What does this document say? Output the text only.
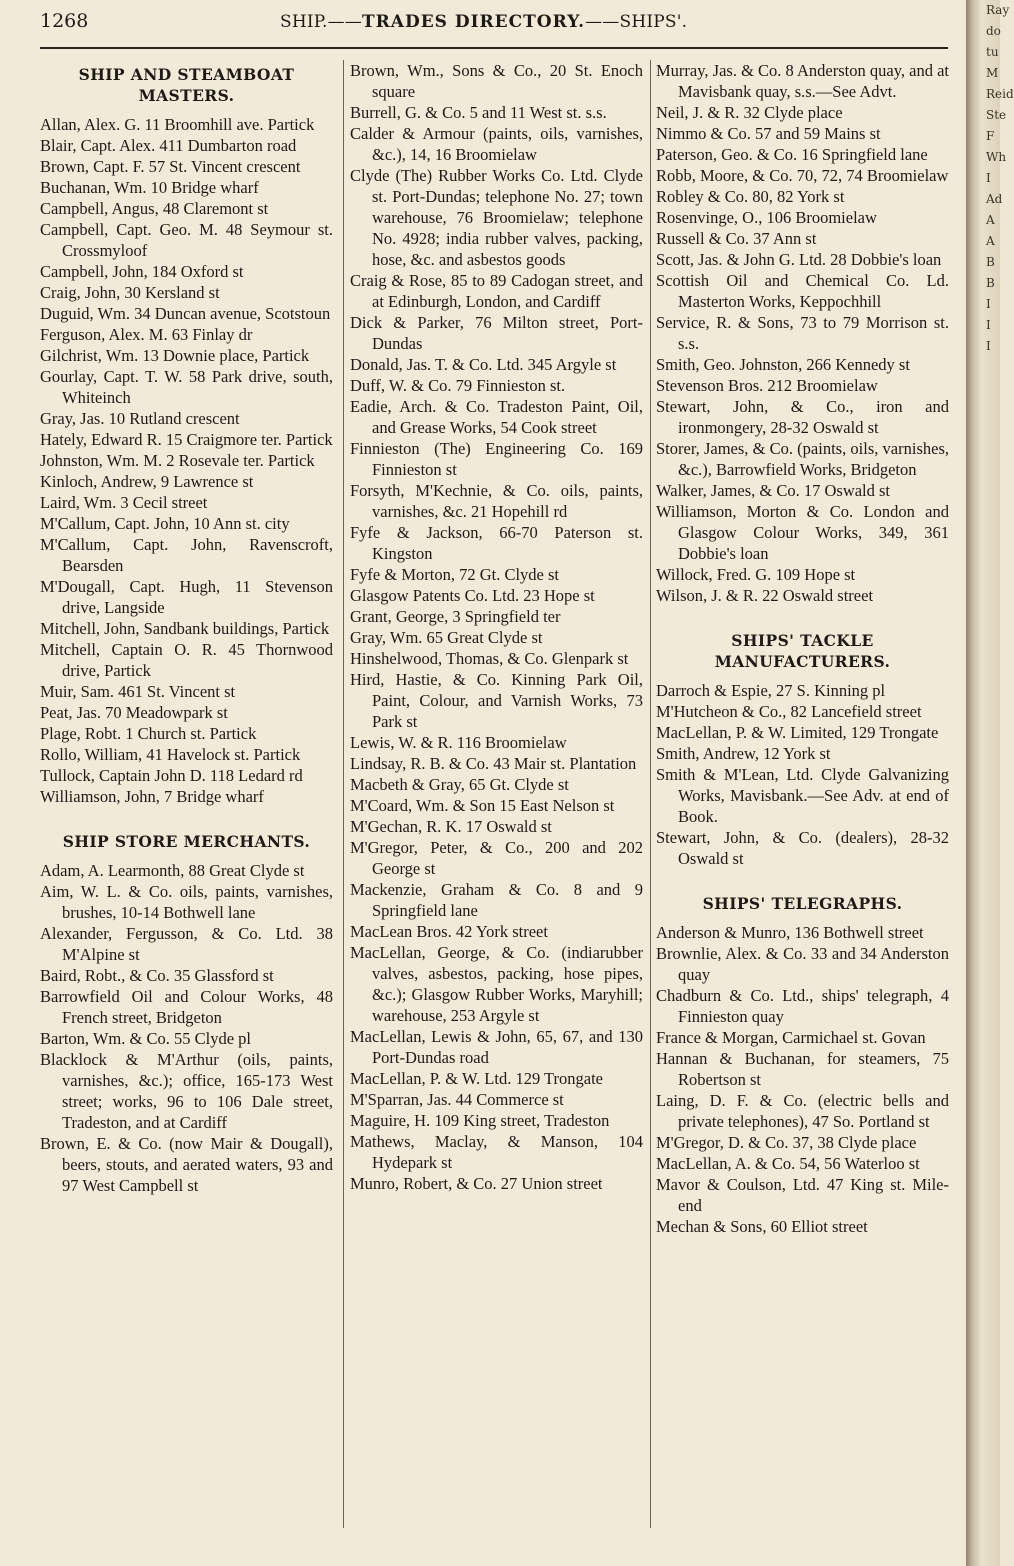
1268	SHIP.——TRADES DIRECTORY.——SHIPS'.
SHIP AND STEAMBOAT MASTERS.
Allan, Alex. G. 11 Broomhill ave. Partick
Blair, Capt. Alex. 411 Dumbarton road
Brown, Capt. F. 57 St. Vincent crescent
Buchanan, Wm. 10 Bridge wharf
Campbell, Angus, 48 Claremont st
Campbell, Capt. Geo. M. 48 Seymour st. Crossmyloof
Campbell, John, 184 Oxford st
Craig, John, 30 Kersland st
Duguid, Wm. 34 Duncan avenue, Scotstoun
Ferguson, Alex. M. 63 Finlay dr
Gilchrist, Wm. 13 Downie place, Partick
Gourlay, Capt. T. W. 58 Park drive, south, Whiteinch
Gray, Jas. 10 Rutland crescent
Hately, Edward R. 15 Craigmore ter. Partick
Johnston, Wm. M. 2 Rosevale ter. Partick
Kinloch, Andrew, 9 Lawrence st
Laird, Wm. 3 Cecil street
M'Callum, Capt. John, 10 Ann st. city
M'Callum, Capt. John, Ravenscroft, Bearsden
M'Dougall, Capt. Hugh, 11 Stevenson drive, Langside
Mitchell, John, Sandbank buildings, Partick
Mitchell, Captain O. R. 45 Thornwood drive, Partick
Muir, Sam. 461 St. Vincent st
Peat, Jas. 70 Meadowpark st
Plage, Robt. 1 Church st. Partick
Rollo, William, 41 Havelock st. Partick
Tullock, Captain John D. 118 Ledard rd
Williamson, John, 7 Bridge wharf
SHIP STORE MERCHANTS.
Adam, A. Learmonth, 88 Great Clyde st
Aim, W. L. & Co. oils, paints, varnishes, brushes, 10-14 Bothwell lane
Alexander, Fergusson, & Co. Ltd. 38 M'Alpine st
Baird, Robt., & Co. 35 Glassford st
Barrowfield Oil and Colour Works, 48 French street, Bridgeton
Barton, Wm. & Co. 55 Clyde pl
Blacklock & M'Arthur (oils, paints, varnishes, &c.); office, 165-173 West street; works, 96 to 106 Dale street, Tradeston, and at Cardiff
Brown, E. & Co. (now Mair & Dougall), beers, stouts, and aerated waters, 93 and 97 West Campbell st
Brown, Wm., Sons & Co., 20 St. Enoch square
Burrell, G. & Co. 5 and 11 West st. s.s.
Calder & Armour (paints, oils, varnishes, &c.), 14, 16 Broomielaw
Clyde (The) Rubber Works Co. Ltd. Clyde st. Port-Dundas; telephone No. 27; town warehouse, 76 Broomielaw; telephone No. 4928; india rubber valves, packing, hose, &c. and asbestos goods
Craig & Rose, 85 to 89 Cadogan street, and at Edinburgh, London, and Cardiff
Dick & Parker, 76 Milton street, Port-Dundas
Donald, Jas. T. & Co. Ltd. 345 Argyle st
Duff, W. & Co. 79 Finnieston st.
Eadie, Arch. & Co. Tradeston Paint, Oil, and Grease Works, 54 Cook street
Finnieston (The) Engineering Co. 169 Finnieston st
Forsyth, M'Kechnie, & Co. oils, paints, varnishes, &c. 21 Hopehill rd
Fyfe & Jackson, 66-70 Paterson st. Kingston
Fyfe & Morton, 72 Gt. Clyde st
Glasgow Patents Co. Ltd. 23 Hope st
Grant, George, 3 Springfield ter
Gray, Wm. 65 Great Clyde st
Hinshelwood, Thomas, & Co. Glenpark st
Hird, Hastie, & Co. Kinning Park Oil, Paint, Colour, and Varnish Works, 73 Park st
Lewis, W. & R. 116 Broomielaw
Lindsay, R. B. & Co. 43 Mair st. Plantation
Macbeth & Gray, 65 Gt. Clyde st
M'Coard, Wm. & Son 15 East Nelson st
M'Gechan, R. K. 17 Oswald st
M'Gregor, Peter, & Co., 200 and 202 George st
Mackenzie, Graham & Co. 8 and 9 Springfield lane
MacLean Bros. 42 York street
MacLellan, George, & Co. (indiarubber valves, asbestos, packing, hose pipes, &c.); Glasgow Rubber Works, Maryhill; warehouse, 253 Argyle st
MacLellan, Lewis & John, 65, 67, and 130 Port-Dundas road
MacLellan, P. & W. Ltd. 129 Trongate
M'Sparran, Jas. 44 Commerce st
Maguire, H. 109 King street, Tradeston
Mathews, Maclay, & Manson, 104 Hydepark st
Munro, Robert, & Co. 27 Union street
Murray, Jas. & Co. 8 Anderston quay, and at Mavisbank quay, s.s.—See Advt.
Neil, J. & R. 32 Clyde place
Nimmo & Co. 57 and 59 Mains st
Paterson, Geo. & Co. 16 Springfield lane
Robb, Moore, & Co. 70, 72, 74 Broomielaw
Robley & Co. 80, 82 York st
Rosenvinge, O., 106 Broomielaw
Russell & Co. 37 Ann st
Scott, Jas. & John G. Ltd. 28 Dobbie's loan
Scottish Oil and Chemical Co. Ld. Masterton Works, Keppochhill
Service, R. & Sons, 73 to 79 Morrison st. s.s.
Smith, Geo. Johnston, 266 Kennedy st
Stevenson Bros. 212 Broomielaw
Stewart, John, & Co., iron and ironmongery, 28-32 Oswald st
Storer, James, & Co. (paints, oils, varnishes, &c.), Barrowfield Works, Bridgeton
Walker, James, & Co. 17 Oswald st
Williamson, Morton & Co. London and Glasgow Colour Works, 349, 361 Dobbie's loan
Willock, Fred. G. 109 Hope st
Wilson, J. & R. 22 Oswald street
SHIPS' TACKLE MANUFACTURERS.
Darroch & Espie, 27 S. Kinning pl
M'Hutcheon & Co., 82 Lancefield street
MacLellan, P. & W. Limited, 129 Trongate
Smith, Andrew, 12 York st
Smith & M'Lean, Ltd. Clyde Galvanizing Works, Mavisbank.—See Adv. at end of Book.
Stewart, John, & Co. (dealers), 28-32 Oswald st
SHIPS' TELEGRAPHS.
Anderson & Munro, 136 Bothwell street
Brownlie, Alex. & Co. 33 and 34 Anderston quay
Chadburn & Co. Ltd., ships' telegraph, 4 Finnieston quay
France & Morgan, Carmichael st. Govan
Hannan & Buchanan, for steamers, 75 Robertson st
Laing, D. F. & Co. (electric bells and private telephones), 47 So. Portland st
M'Gregor, D. & Co. 37, 38 Clyde place
MacLellan, A. & Co. 54, 56 Waterloo st
Mavor & Coulson, Ltd. 47 King st. Mile-end
Mechan & Sons, 60 Elliot street
Ray
do
tu
M
Reid
Ste
F
Wh
I
Ad
A
A
B
B
I
I
I
